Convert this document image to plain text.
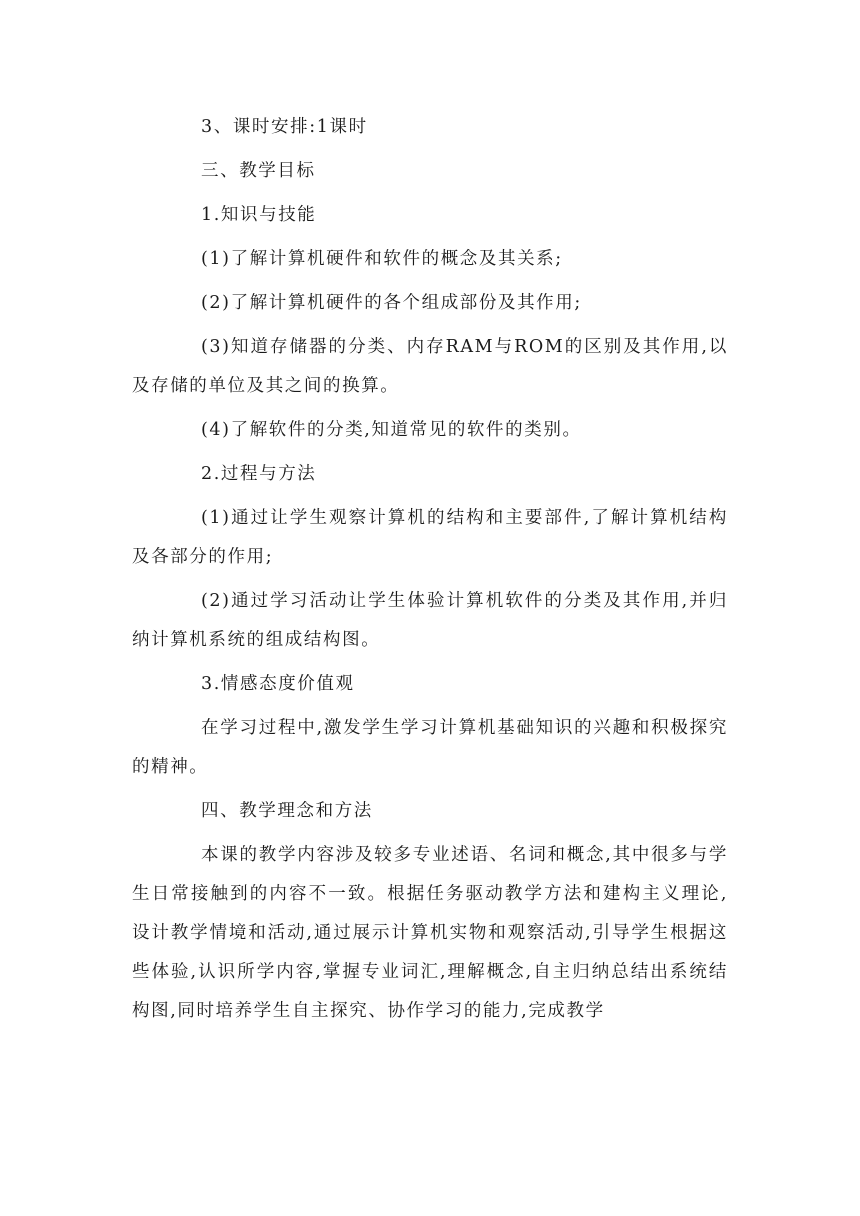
3、课时安排:1课时

三、教学目标

1.知识与技能

(1)了解计算机硬件和软件的概念及其关系;

(2)了解计算机硬件的各个组成部份及其作用;

(3)知道存储器的分类、内存RAM与ROM的区别及其作用,以及存储的单位及其之间的换算。

(4)了解软件的分类,知道常见的软件的类别。

2.过程与方法

(1)通过让学生观察计算机的结构和主要部件,了解计算机结构及各部分的作用;

(2)通过学习活动让学生体验计算机软件的分类及其作用,并归纳计算机系统的组成结构图。

3.情感态度价值观

在学习过程中,激发学生学习计算机基础知识的兴趣和积极探究的精神。

四、教学理念和方法

本课的教学内容涉及较多专业述语、名词和概念,其中很多与学生日常接触到的内容不一致。根据任务驱动教学方法和建构主义理论,设计教学情境和活动,通过展示计算机实物和观察活动,引导学生根据这些体验,认识所学内容,掌握专业词汇,理解概念,自主归纳总结出系统结构图,同时培养学生自主探究、协作学习的能力,完成教学
